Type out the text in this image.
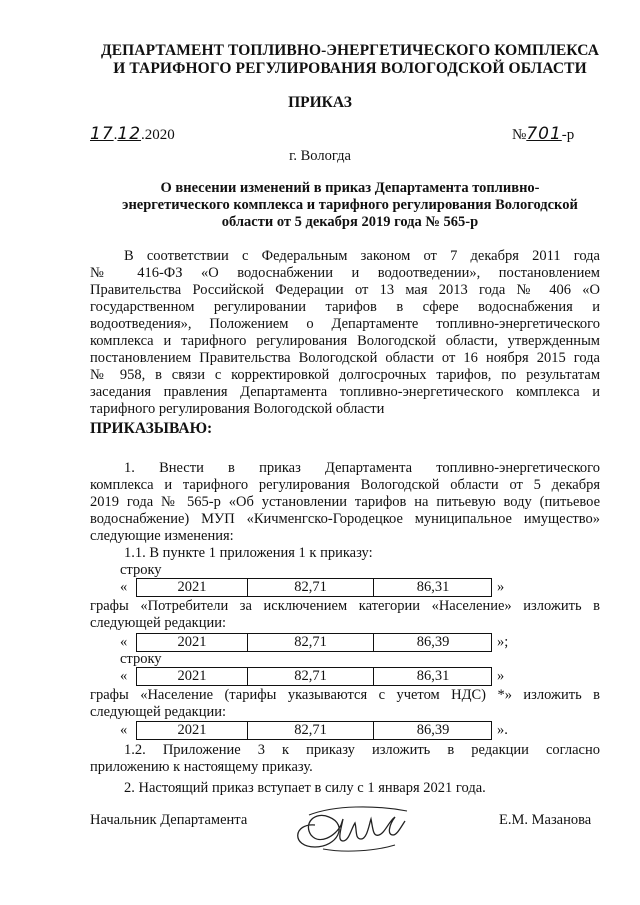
ДЕПАРТАМЕНТ ТОПЛИВНО-ЭНЕРГЕТИЧЕСКОГО КОМПЛЕКСА
И ТАРИФНОГО РЕГУЛИРОВАНИЯ ВОЛОГОДСКОЙ ОБЛАСТИ
ПРИКАЗ
17.12.2020	№701-р
г. Вологда
О внесении изменений в приказ Департамента топливно-
энергетического комплекса и тарифного регулирования Вологодской
области от 5 декабря 2019 года № 565-р
В соответствии с Федеральным законом от 7 декабря 2011 года
№ 416-ФЗ «О водоснабжении и водоотведении», постановлением
Правительства Российской Федерации от 13 мая 2013 года № 406 «О
государственном регулировании тарифов в сфере водоснабжения и
водоотведения», Положением о Департаменте топливно-энергетического
комплекса и тарифного регулирования Вологодской области, утвержденным
постановлением Правительства Вологодской области от 16 ноября 2015 года
№ 958, в связи с корректировкой долгосрочных тарифов, по результатам
заседания правления Департамента топливно-энергетического комплекса и
тарифного регулирования Вологодской области
ПРИКАЗЫВАЮ:
1. Внести в приказ Департамента топливно-энергетического
комплекса и тарифного регулирования Вологодской области от 5 декабря
2019 года № 565-р «Об установлении тарифов на питьевую воду (питьевое
водоснабжение) МУП «Кичменгско-Городецкое муниципальное имущество»
следующие изменения:
1.1. В пункте 1 приложения 1 к приказу:
строку
«	2021	82,71	86,31	»
графы «Потребители за исключением категории «Население» изложить в
следующей редакции:
«	2021	82,71	86,39	»;
строку
«	2021	82,71	86,31	»
графы «Население (тарифы указываются с учетом НДС) *» изложить в
следующей редакции:
«	2021	82,71	86,39	».
1.2. Приложение 3 к приказу изложить в редакции согласно
приложению к настоящему приказу.
2. Настоящий приказ вступает в силу с 1 января 2021 года.
Начальник Департамента	Е.М. Мазанова
